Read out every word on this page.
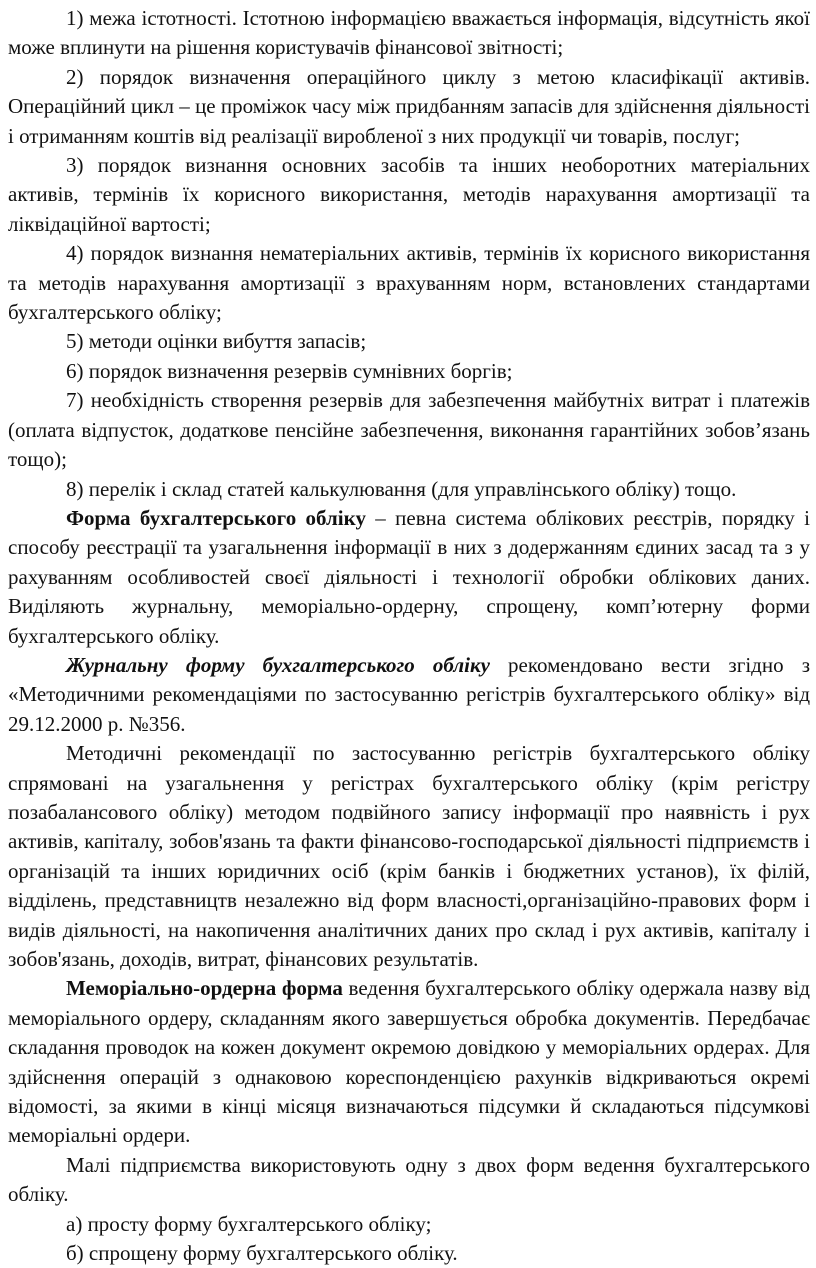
1) межа істотності. Істотною інформацією вважається інформація, відсутність якої може вплинути на рішення користувачів фінансової звітності;

2) порядок визначення операційного циклу з метою класифікації активів. Операційний цикл – це проміжок часу між придбанням запасів для здійснення діяльності і отриманням коштів від реалізації виробленої з них продукції чи товарів, послуг;

3) порядок визнання основних засобів та інших необоротних матеріальних активів, термінів їх корисного використання, методів нарахування амортизації та ліквідаційної вартості;

4) порядок визнання нематеріальних активів, термінів їх корисного використання та методів нарахування амортизації з врахуванням норм, встановлених стандартами бухгалтерського обліку;

5) методи оцінки вибуття запасів;

6) порядок визначення резервів сумнівних боргів;

7) необхідність створення резервів для забезпечення майбутніх витрат і платежів (оплата відпусток, додаткове пенсійне забезпечення, виконання гарантійних зобов’язань тощо);

8) перелік і склад статей калькулювання (для управлінського обліку) тощо.

Форма бухгалтерського обліку – певна система облікових реєстрів, порядку і способу реєстрації та узагальнення інформації в них з додержанням єдиних засад та з у рахуванням особливостей своєї діяльності і технології обробки облікових даних. Виділяють журнальну, меморіально-ордерну, спрощену, комп’ютерну форми бухгалтерського обліку.

Журнальну форму бухгалтерського обліку рекомендовано вести згідно з «Методичними рекомендаціями по застосуванню регістрів бухгалтерського обліку» від 29.12.2000 р. №356.

Методичні рекомендації по застосуванню регістрів бухгалтерського обліку спрямовані на узагальнення у регістрах бухгалтерського обліку (крім регістру позабалансового обліку) методом подвійного запису інформації про наявність і рух активів, капіталу, зобов'язань та факти фінансово-господарської діяльності підприємств і організацій та інших юридичних осіб (крім банків і бюджетних установ), їх філій, відділень, представництв незалежно від форм власності,організаційно-правових форм і видів діяльності, на накопичення аналітичних даних про склад і рух активів, капіталу і зобов'язань, доходів, витрат, фінансових результатів.

Меморіально-ордерна форма ведення бухгалтерського обліку одержала назву від меморіального ордеру, складанням якого завершується обробка документів. Передбачає складання проводок на кожен документ окремою довідкою у меморіальних ордерах. Для здійснення операцій з однаковою кореспонденцією рахунків відкриваються окремі відомості, за якими в кінці місяця визначаються підсумки й складаються підсумкові меморіальні ордери.

Малі підприємства використовують одну з двох форм ведення бухгалтерського обліку.

а) просту форму бухгалтерського обліку;

б) спрощену форму бухгалтерського обліку.
